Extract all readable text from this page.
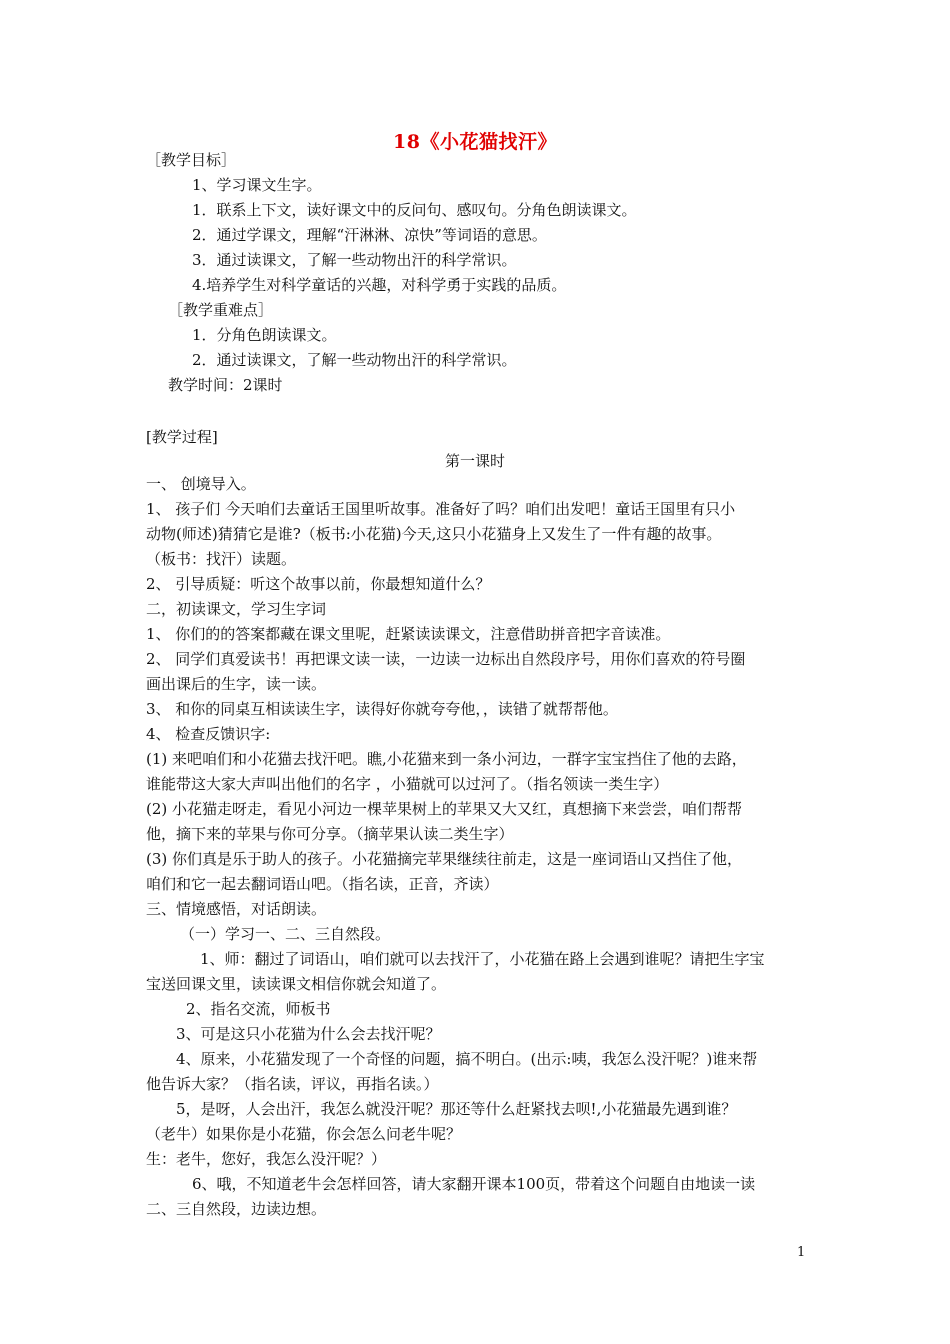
18《小花猫找汗》
［教学目标］
1、学习课文生字。
1．联系上下文，读好课文中的反问句、感叹句。分角色朗读课文。
2．通过学课文，理解“汗淋淋、凉快”等词语的意思。
3．通过读课文，了解一些动物出汗的科学常识。
4.培养学生对科学童话的兴趣，对科学勇于实践的品质。
［教学重难点］
1．分角色朗读课文。
2．通过读课文，了解一些动物出汗的科学常识。
教学时间：2课时
[教学过程]
第一课时
一、 创境导入。
1、 孩子们 今天咱们去童话王国里听故事。准备好了吗？咱们出发吧！童话王国里有只小
动物(师述)猜猜它是谁?（板书:小花猫)今天,这只小花猫身上又发生了一件有趣的故事。
（板书：找汗）读题。
2、 引导质疑：听这个故事以前，你最想知道什么？
二，初读课文，学习生字词
1、 你们的的答案都藏在课文里呢，赶紧读读课文，注意借助拼音把字音读准。
2、 同学们真爱读书！再把课文读一读，一边读一边标出自然段序号，用你们喜欢的符号圈
画出课后的生字，读一读。
3、 和你的同桌互相读读生字，读得好你就夸夸他，，读错了就帮帮他。
4、 检查反馈识字:
(1) 来吧咱们和小花猫去找汗吧。瞧,小花猫来到一条小河边，一群字宝宝挡住了他的去路，
谁能带这大家大声叫出他们的名字 ，小猫就可以过河了。（指名领读一类生字）
(2) 小花猫走呀走，看见小河边一棵苹果树上的苹果又大又红，真想摘下来尝尝，咱们帮帮
他，摘下来的苹果与你可分享。（摘苹果认读二类生字）
(3) 你们真是乐于助人的孩子。小花猫摘完苹果继续往前走，这是一座词语山又挡住了他，
咱们和它一起去翻词语山吧。（指名读，正音，齐读）
三、情境感悟，对话朗读。
（一）学习一、二、三自然段。
1、师：翻过了词语山，咱们就可以去找汗了，小花猫在路上会遇到谁呢？请把生字宝
宝送回课文里，读读课文相信你就会知道了。
2、指名交流，师板书
3、可是这只小花猫为什么会去找汗呢？
4、原来，小花猫发现了一个奇怪的问题，搞不明白。(出示:咦，我怎么没汗呢？)谁来帮
他告诉大家？（指名读，评议，再指名读。）
5，是呀，人会出汗，我怎么就没汗呢？那还等什么赶紧找去呗!,小花猫最先遇到谁？
（老牛）如果你是小花猫，你会怎么问老牛呢？
生：老牛，您好，我怎么没汗呢？）
6、哦，不知道老牛会怎样回答，请大家翻开课本100页，带着这个问题自由地读一读
二、三自然段，边读边想。
1
